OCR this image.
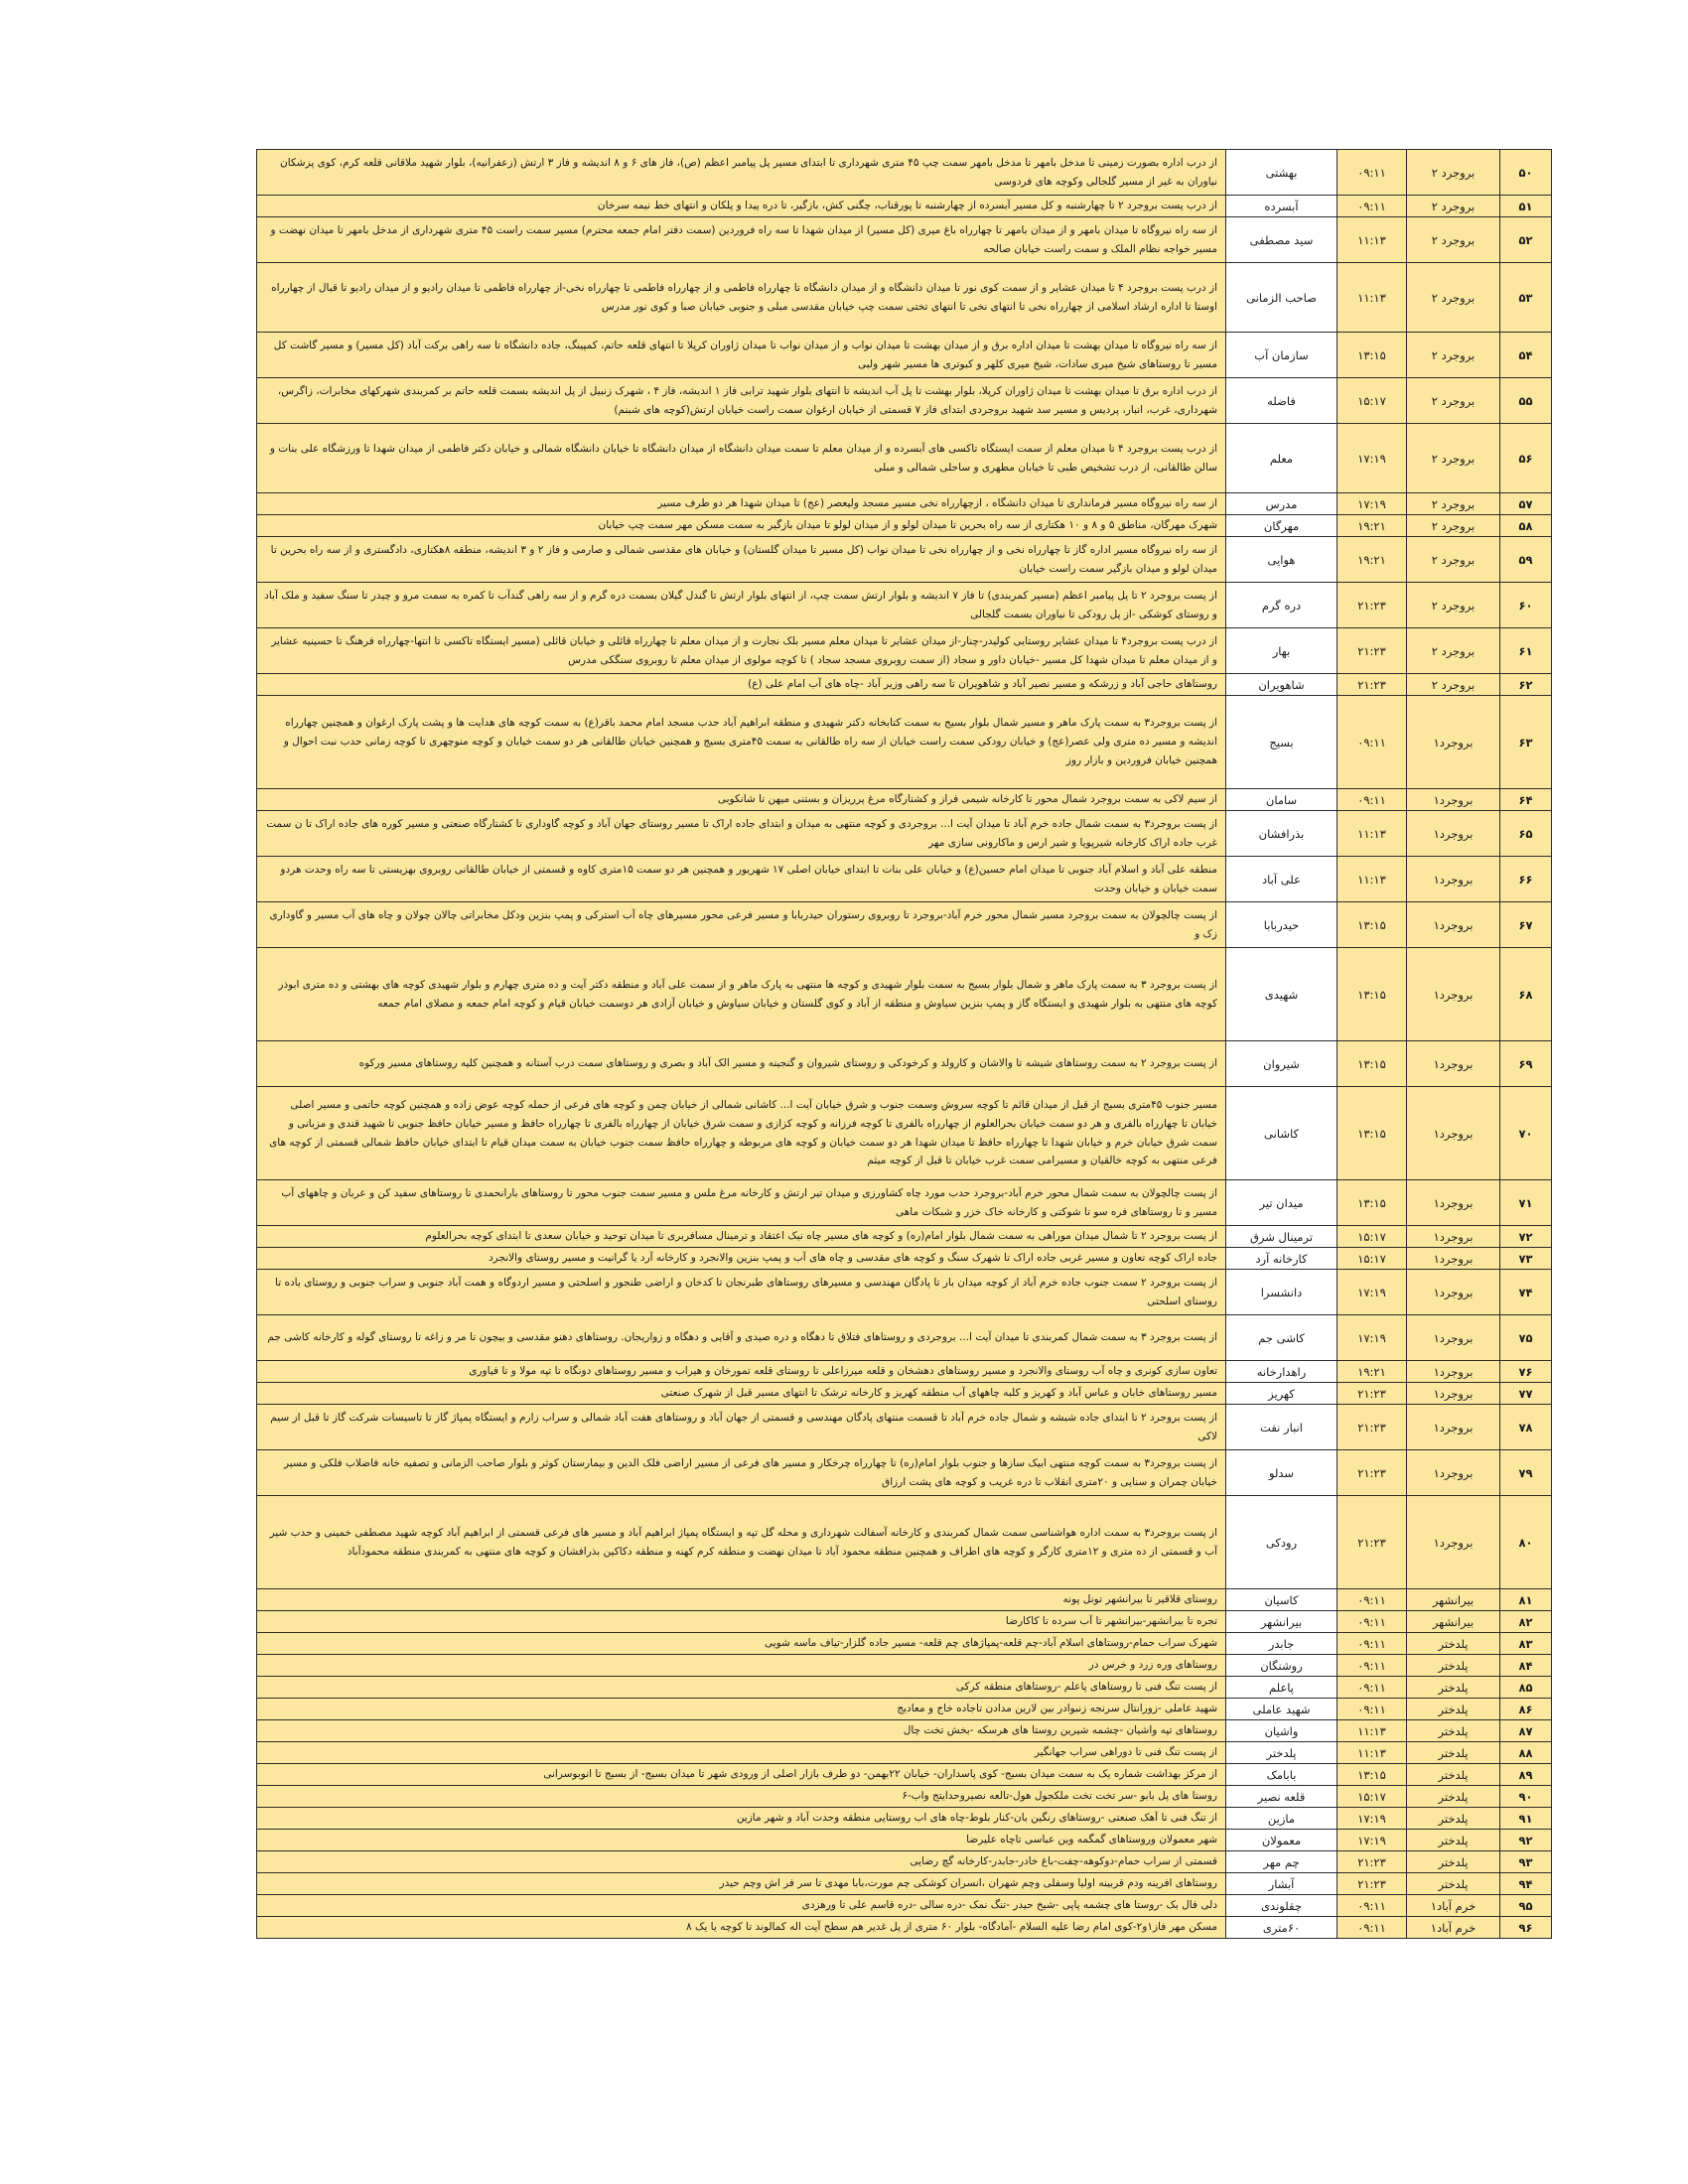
از درب اداره بصورت زمینی تا مدخل بامهر تا مدخل بامهر سمت چپ ۴۵ متری شهرداری تا ابتدای مسیر پل پیامبر اعظم (ص)، فاز های ۶ و ۸ اندیشه و فاز ۳ ارتش (زعفرانیه)، بلوار شهید ملاقانی قلعه کرم، کوی پزشکان نیاوران به غیر از مسیر گلجالی وکوچه های فردوسی	بهشتی	۰۹:۱۱	بروجرد ۲	۵۰
از درب پست بروجرد ۲ تا چهارشنبه و کل مسیر آبسرده از چهارشنبه تا پورقناب، چگنی کش، بازگیر، تا دره پیدا و پلکان و انتهای خط نیمه سرخان	آبسرده	۰۹:۱۱	بروجرد ۲	۵۱
از سه راه نیروگاه تا میدان بامهر و از میدان بامهر تا چهارراه باغ میری (کل مسیر) از میدان شهدا تا سه راه فروردین (سمت دفتر امام جمعه محترم) مسیر سمت راست ۴۵ متری شهرداری از مدخل بامهر تا میدان نهضت و مسیر خواجه نظام الملک و سمت راست خیابان صالحه	سید مصطفی	۱۱:۱۳	بروجرد ۲	۵۲
از درب پست بروجرد ۴ تا میدان عشایر و از سمت کوی نور تا میدان دانشگاه و از میدان دانشگاه تا چهارراه فاطمی و از چهارراه فاطمی تا چهارراه نخی-از چهارراه فاطمی تا میدان رادیو و از میدان رادیو تا قبال از چهارراه اوستا تا اداره ارشاد اسلامی از چهارراه نخی تا انتهای نخی تا انتهای تختی سمت چپ خیابان مقدسی مبلی و جنوبی خیابان صبا و کوی نور مدرس	صاحب الزمانی	۱۱:۱۳	بروجرد ۲	۵۳
از سه راه نیروگاه تا میدان بهشت تا میدان اداره برق و از میدان بهشت تا میدان نواب و از میدان نواب تا میدان ژاوران کرپلا تا انتهای قلعه حاتم، کمپینگ، جاده دانشگاه تا سه راهی برکت آباد (کل مسیر) و مسیر گاشت کل مسیر تا روستاهای شیخ میری سادات، شیخ میری کلهر و کبوتری ها مسیر شهر ولبی	سازمان آب	۱۳:۱۵	بروجرد ۲	۵۴
از درب اداره برق تا میدان بهشت تا میدان ژاوران کرپلا، بلوار بهشت تا پل آب اندیشه تا انتهای بلوار شهید ترابی فاز ۱ اندیشه، فاز ۴ ، شهرک زنبیل از پل اندیشه بسمت قلعه حاتم بر کمربندی شهرکهای مخابرات، زاگرس، شهرداری، غرب، انبار، پردیس و مسیر سد شهید بروجردی ابتدای فاز ۷ قسمتی از خیابان ارغوان سمت راست خیابان ارتش(کوچه های شبنم)	فاضله	۱۵:۱۷	بروجرد ۲	۵۵
از درب پست بروجرد ۴ تا میدان معلم از سمت ایستگاه تاکسی های آبسرده و از میدان معلم تا سمت میدان دانشگاه از میدان دانشگاه تا خیابان دانشگاه شمالی و خیابان دکتر فاطمی از میدان شهدا تا ورزشگاه علی بنات و سالن طالقانی، از درب تشخیص طبی تا خیابان مطهری و ساحلی شمالی و مبلی	معلم	۱۷:۱۹	بروجرد ۲	۵۶
از سه راه نیروگاه مسیر فرمانداری تا میدان دانشگاه ، ازچهارراه نخی مسیر مسجد ولیعصر (عج) تا میدان شهدا هر دو طرف مسیر	مدرس	۱۷:۱۹	بروجرد ۲	۵۷
شهرک مهرگان، مناطق ۵ و ۸ و ۱۰ هکتاری از سه راه بحرین تا میدان لولو و از میدان لولو تا میدان بازگیر به سمت مسکن مهر سمت چپ خیابان	مهرگان	۱۹:۲۱	بروجرد ۲	۵۸
از سه راه نیروگاه مسیر اداره گاز تا چهارراه نخی و از چهارراه نخی تا میدان نواب (کل مسیر تا میدان گلستان) و خیابان های مقدسی شمالی و صارمی و فاز ۲ و ۳ اندیشه، منطقه ۸هکتاری، دادگستری و از سه راه بحرین تا میدان لولو و میدان بازگیر سمت راست خیابان	هوایی	۱۹:۲۱	بروجرد ۲	۵۹
از پست بروجرد ۲ تا پل پیامبر اعظم (مسیر کمربندی) تا فاز ۷ اندیشه و بلوار ارتش سمت چپ، از انتهای بلوار ارتش تا گندل گیلان بسمت دره گرم و از سه راهی گندآب تا کمره به سمت مرو و چیدر تا سنگ سفید و ملک آباد و روستای کوشکی -از پل رودکی تا نیاوران بسمت گلجالی	دره گرم	۲۱:۲۳	بروجرد ۲	۶۰
از درب پست بروجرد۴ تا میدان عشایر روستایی کولیدر-چنار-از میدان عشایر تا میدان معلم مسیر بلک نجارت و از میدان معلم تا چهارراه قائلی و خیابان قائلی (مسیر ایستگاه تاکسی تا انتها-چهارراه فرهنگ تا حسینیه عشایر و از میدان معلم تا میدان شهدا کل مسیر -خیابان داور و سجاد (از سمت روبروی مسجد سجاد ) تا کوچه مولوی از میدان معلم تا روبروی سنگکی مدرس	بهار	۲۱:۲۳	بروجرد ۲	۶۱
روستاهای حاجی آباد و زرشکه و مسیر نصیر آباد و شاهویران تا سه راهی وزیر آباد -چاه های آب امام علی (ع)	شاهویران	۲۱:۲۳	بروجرد ۲	۶۲
از پست بروجرد۳ به سمت پارک ماهر و مسیر شمال بلوار بسیج به سمت کتابخانه دکتر شهیدی و منطقه ابراهیم آباد حدب مسجد امام محمد باقر(ع) به سمت کوچه های هدایت ها و پشت پارک ارغوان و همچنین چهارراه اندیشه و مسیر ده متری ولی عصر(عج) و خیابان رودکی سمت راست خیابان از سه راه طالقانی به سمت ۴۵متری بسیج و همچنین خیابان طالقانی هر دو سمت خیابان و کوچه منوچهری تا کوچه زمانی حدب نبت احوال و همچنین خیابان فروردین و بازار روز	بسیج	۰۹:۱۱	بروجرد۱	۶۳
از سیم لاکی به سمت بروجرد شمال محور تا کارخانه شیمی فراز و کشتارگاه مرغ پرریزان و بستنی میهن تا شانکوبی	سامان	۰۹:۱۱	بروجرد۱	۶۴
از پست بروجرد۳ به سمت شمال جاده خرم آباد تا میدان آیت ا... بروجردی و کوچه منتهی به میدان و ابتدای جاده اراک تا مسیر روستای جهان آباد و کوچه گاوداری تا کشتارگاه صنعتی و مسیر کوره های جاده اراک تا ن سمت غرب جاده اراک کارخانه شیرپویا و شیر ارس و ماکارونی سازی مهر	بذرافشان	۱۱:۱۳	بروجرد۱	۶۵
منطقه علی آباد و اسلام آباد جنوبی تا میدان امام حسین(ع) و خیابان علی بنات تا ابتدای خیابان اصلی ۱۷ شهریور و همچنین هر دو سمت ۱۵متری کاوه و قسمتی از خیابان طالقانی روبروی بهزیستی تا سه راه وحدت هردو سمت خیابان و خیابان وحدت	علی آباد	۱۱:۱۳	بروجرد۱	۶۶
از پست چالچولان به سمت بروجرد مسیر شمال محور خرم آباد-بروجرد تا روبروی رستوران حیدربابا و مسیر فرعی محور مسیرهای چاه آب استرکی و پمپ بنزین ودکل مخابراتی چالان چولان و چاه های آب مسیر و گاوداری زک و	حیدربابا	۱۳:۱۵	بروجرد۱	۶۷
از پست بروجرد ۳ به سمت پارک ماهر و شمال بلوار بسیج به سمت بلوار شهیدی و کوچه ها منتهی به پارک ماهر و از سمت علی آباد و منطقه دکتر آیت و ده متری چهارم و بلوار شهیدی کوچه های بهشتی و ده متری ابوذر کوچه های منتهی به بلوار شهیدی و ایستگاه گاز و پمپ بنزین سیاوش و منطقه از آباد و کوی گلستان و خیابان سیاوش و خیابان آزادی هر دوسمت خیابان قیام و کوچه امام جمعه و مصلای امام جمعه	شهیدی	۱۳:۱۵	بروجرد۱	۶۸
از پست بروجرد ۲ به سمت روستاهای شیشه تا والاشان و کارولد و کرخودکی و روستای شیروان و گنجینه و مسیر الک آباد و بصری و روستاهای سمت درب آستانه و همچنین کلیه روستاهای مسیر ورکوه	شیروان	۱۳:۱۵	بروجرد۱	۶۹
مسیر جنوب ۴۵متری بسیج از قبل از میدان قائم تا کوچه سروش وسمت جنوب و شرق خیابان آیت ا... کاشانی شمالی از خیابان چمن و کوچه های فرعی از حمله کوچه عوض زاده و همچنین کوچه حاتمی و مسیر اصلی خیابان تا چهارراه بالفری و هر دو سمت خیابان بحرالعلوم از چهارراه بالفری تا کوچه فرزانه و کوچه کزازی و سمت شرق خیابان از چهارراه بالفری تا چهارراه حافظ و مسیر خیابان حافظ جنوبی تا شهید قندی و مزبانی و سمت شرق خیابان خرم و خیابان شهدا تا چهارراه حافظ تا میدان شهدا هر دو سمت خیابان و کوچه های مربوطه و چهارراه حافظ سمت جنوب خیابان به سمت میدان قیام تا ابتدای خیابان حافظ شمالی قسمتی از کوچه های فرعی منتهی به کوچه خالقیان و مسیرامی سمت غرب خیابان تا قبل از کوچه میثم	کاشانی	۱۳:۱۵	بروجرد۱	۷۰
از پست چالچولان به سمت شمال محور خرم آباد-بروجرد حدب مورد چاه کشاورزی و میدان تیر ارتش و کارخانه مرغ ملس و مسیر سمت جنوب محور تا روستاهای بارانحمدی تا روستاهای سفید کن و عربان و چاههای آب مسیر و تا روستاهای فره سو تا شوکتی و کارخانه خاک خزر و شبکات ماهی	میدان تیر	۱۳:۱۵	بروجرد۱	۷۱
از پست بروجرد ۲ تا شمال میدان موراهی به سمت شمال بلوار امام(ره) و کوچه های مسیر چاه نیک اعتقاد و ترمینال مسافربری تا میدان توحید و خیابان سعدی تا ابتدای کوچه بحرالعلوم	ترمینال شرق	۱۵:۱۷	بروجرد۱	۷۲
جاده اراک کوچه تعاون و مسیر غربی جاده اراک تا شهرک سنگ و کوچه های مقدسی و چاه های آب و پمپ بنزین والانجرد و کارخانه آرد یا گرانیت و مسیر روستای والانجرد	کارخانه آرد	۱۵:۱۷	بروجرد۱	۷۳
از پست بروجرد ۲ سمت جنوب جاده خرم آباد از کوچه میدان بار تا پادگان مهندسی و مسیرهای روستاهای طبرنجان تا کدخان و اراضی طنجور و اسلحتی و مسیر اردوگاه و همت آباد جنوبی و سراب جنوبی و روستای باده تا روستای اسلحتی	دانشسرا	۱۷:۱۹	بروجرد۱	۷۴
از پست بروجرد ۳ به سمت شمال کمربندی تا میدان آیت ا... بروجردی و روستاهای فتلاق تا دهگاه و دره صیدی و آقایی و دهگاه و زواریجان. روستاهای دهنو مقدسی و بیچون تا مر و زاغه تا روستای گوله و کارخانه کاشی جم	کاشی جم	۱۷:۱۹	بروجرد۱	۷۵
تعاون سازی کونری و چاه آب روستای والانجرد و مسیر روستاهای دهشخان و قلعه میرزاعلی تا روستای قلعه تمورخان و هیراب و مسیر روستاهای دونگاه تا تپه مولا و تا فیاوری	راهدارخانه	۱۹:۲۱	بروجرد۱	۷۶
مسیر روستاهای خابان و عباس آباد و کهریز و کلبه چاههای آب منطقه کهریز و کارخانه ترشک تا انتهای مسیر قبل از شهرک صنعتی	کهریز	۲۱:۲۳	بروجرد۱	۷۷
از پست بروجرد ۲ تا ابتدای جاده شبشه و شمال جاده خرم آباد تا قسمت منتهای پادگان مهندسی و قسمتی از جهان آباد و روستاهای هفت آباد شمالی و سراب زارم و ایستگاه پمپاژ گاز تا تاسیسات شرکت گاز تا قبل از سیم لاکی	انبار نفت	۲۱:۲۳	بروجرد۱	۷۸
از پست بروجرد۳ به سمت کوچه منتهی ابیک سازها و جنوب بلوار امام(ره) تا چهارراه چرخکار و مسیر های فرعی از مسیر اراضی فلک الدین و بیمارستان کوثر و بلوار صاحب الزمانی و تصفیه خانه فاضلاب فلکی و مسیر خیابان چمران و سنایی و ۲۰متری انقلاب تا دره غریب و کوچه های پشت ارزاق	سدلو	۲۱:۲۳	بروجرد۱	۷۹
از پست بروجرد۳ به سمت اداره هواشناسی سمت شمال کمربندی و کارخانه آسفالت شهرداری و محله گل تپه و ایستگاه پمپاژ ابراهیم آباد و مسیر های فرعی قسمتی از ابراهیم آباد کوچه شهید مصطفی خمینی و حدب شیر آب و قسمتی از ده متری و ۱۲متری کارگر و کوچه های اطراف و همچنین منطقه محمود آباد تا میدان نهضت و منطقه کرم کهنه و منطقه دکاکین بذرافشان و کوچه های منتهی به کمربندی منطقه محمودآباد	رودکی	۲۱:۲۳	بروجرد۱	۸۰
روستای قلاقیر تا بیرانشهر تونل پونه	کاسیان	۰۹:۱۱	بیرانشهر	۸۱
تجره تا بیرانشهر-بیرانشهر تا آب سرده تا کاکارضا	بیرانشهر	۰۹:۱۱	بیرانشهر	۸۲
شهرک سراب حمام-روستاهای اسلام آباد-چم قلعه-پمپاژهای چم قلعه- مسیر جاده گلزار-تیاف ماسه شویی	جابدر	۰۹:۱۱	پلدختر	۸۳
روستاهای وره زرد و خرس در	روشنگان	۰۹:۱۱	پلدختر	۸۴
از پست تنگ فنی تا روستاهای پاعلم -روستاهای منطقه کرکی	پاعلم	۰۹:۱۱	پلدختر	۸۵
شهید عاملی -زورانتال سرنجه زنبوادر بین لارین مدادن تاجاده خاج و معادیج	شهید عاملی	۰۹:۱۱	پلدختر	۸۶
روستاهای تپه واشیان -چشمه شیرین روستا های هرسکه -بخش تخت چال	واشیان	۱۱:۱۳	پلدختر	۸۷
از پست تنگ فنی تا دوراهی سراب جهانگیر	پلدختر	۱۱:۱۳	پلدختر	۸۸
از مرکز بهداشت شماره یک به سمت میدان بسیج- کوی پاسداران- خیابان ۲۲بهمن- دو طرف بازار اصلی از ورودی شهر تا میدان بسیج- از بسیج تا انوبوسرانی	بابامک	۱۳:۱۵	پلدختر	۸۹
روستا های پل بابو -سر تخت تخت ملکجول هول-تالعه نصیروحدایتج واب-۶	قلعه نصیر	۱۵:۱۷	پلدختر	۹۰
از تنگ فنی تا آهک صنعتی -روستاهای رنگین بان-کنار بلوط-چاه های اب روستایی منطقه وحدت آباد و شهر مازین	مازین	۱۷:۱۹	پلدختر	۹۱
شهر معمولان وروستاهای گمگمه وین عباسی تاچاه علیرضا	معمولان	۱۷:۱۹	پلدختر	۹۲
قسمتی از سراب حمام-دوکوهه-چفت-باغ خادر-جابدر-کارخانه گچ رضایی	چم مهر	۲۱:۲۳	پلدختر	۹۳
روستاهای افرینه ودم قربینه اولیا وسفلی وچم شهران ،انسران کوشکی چم مورت،بابا مهدی تا سر فر اش وچم حیدر	آبشار	۲۱:۲۳	پلدختر	۹۴
دلی فال بک -روستا های چشمه پاپی -شیخ حیدر -تنگ نمک -دره سالی -دره قاسم علی تا ورهزدی	چقلوندی	۰۹:۱۱	خرم آباد۱	۹۵
مسکن مهر فاز۱و۲-کوی امام رضا علیه السلام -آمادگاه- بلوار ۶۰ متری از پل غدیر هم سطح آیت اله کمالوند تا کوچه یا یک ۸	۶۰متری	۰۹:۱۱	خرم آباد۱	۹۶
